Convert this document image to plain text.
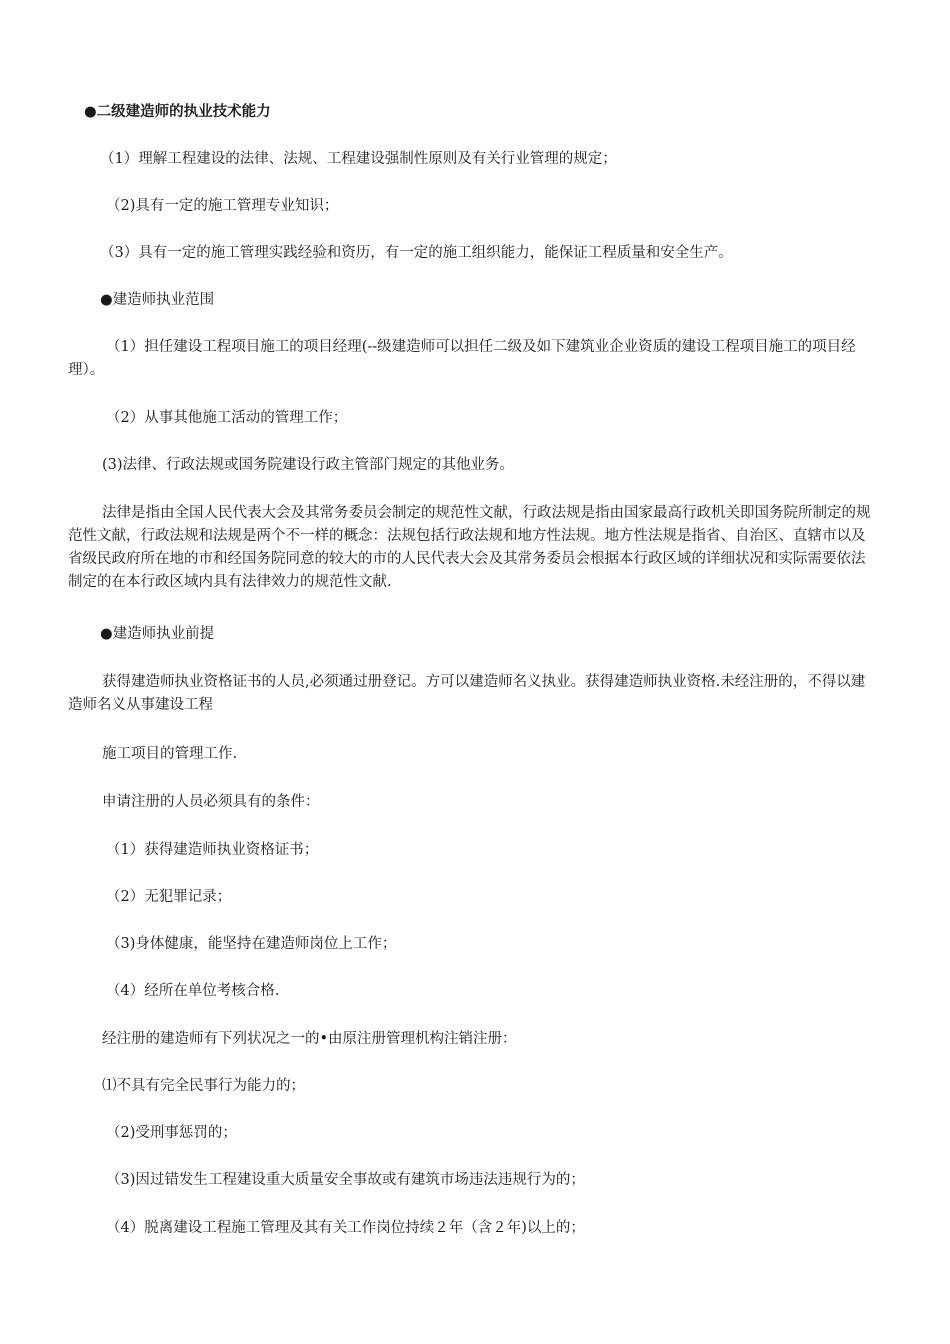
●二级建造师的执业技术能力

（1）理解工程建设的法律、法规、工程建设强制性原则及有关行业管理的规定；

（2)具有一定的施工管理专业知识；

（3）具有一定的施工管理实践经验和资历，有一定的施工组织能力，能保证工程质量和安全生产。

●建造师执业范围

（1）担任建设工程项目施工的项目经理(--级建造师可以担任二级及如下建筑业企业资质的建设工程项目施工的项目经理）。

（2）从事其他施工活动的管理工作；

(3)法律、行政法规或国务院建设行政主管部门规定的其他业务。

法律是指由全国人民代表大会及其常务委员会制定的规范性文献，行政法规是指由国家最高行政机关即国务院所制定的规范性文献，行政法规和法规是两个不一样的概念：法规包括行政法规和地方性法规。地方性法规是指省、自治区、直辖市以及省级民政府所在地的市和经国务院同意的较大的市的人民代表大会及其常务委员会根据本行政区域的详细状况和实际需要依法制定的在本行政区域内具有法律效力的规范性文献.

●建造师执业前提

获得建造师执业资格证书的人员,必须通过册登记。方可以建造师名义执业。获得建造师执业资格.未经注册的，不得以建造师名义从事建设工程

施工项目的管理工作.

申请注册的人员必须具有的条件：

（1）获得建造师执业资格证书；

（2）无犯罪记录；

（3)身体健康，能坚持在建造师岗位上工作；

（4）经所在单位考核合格.

经注册的建造师有下列状况之一的•由原注册管理机构注销注册：

⑴不具有完全民事行为能力的；

（2)受刑事惩罚的；

（3)因过错发生工程建设重大质量安全事故或有建筑市场违法违规行为的；

（4）脱离建设工程施工管理及其有关工作岗位持续２年（含２年)以上的；
